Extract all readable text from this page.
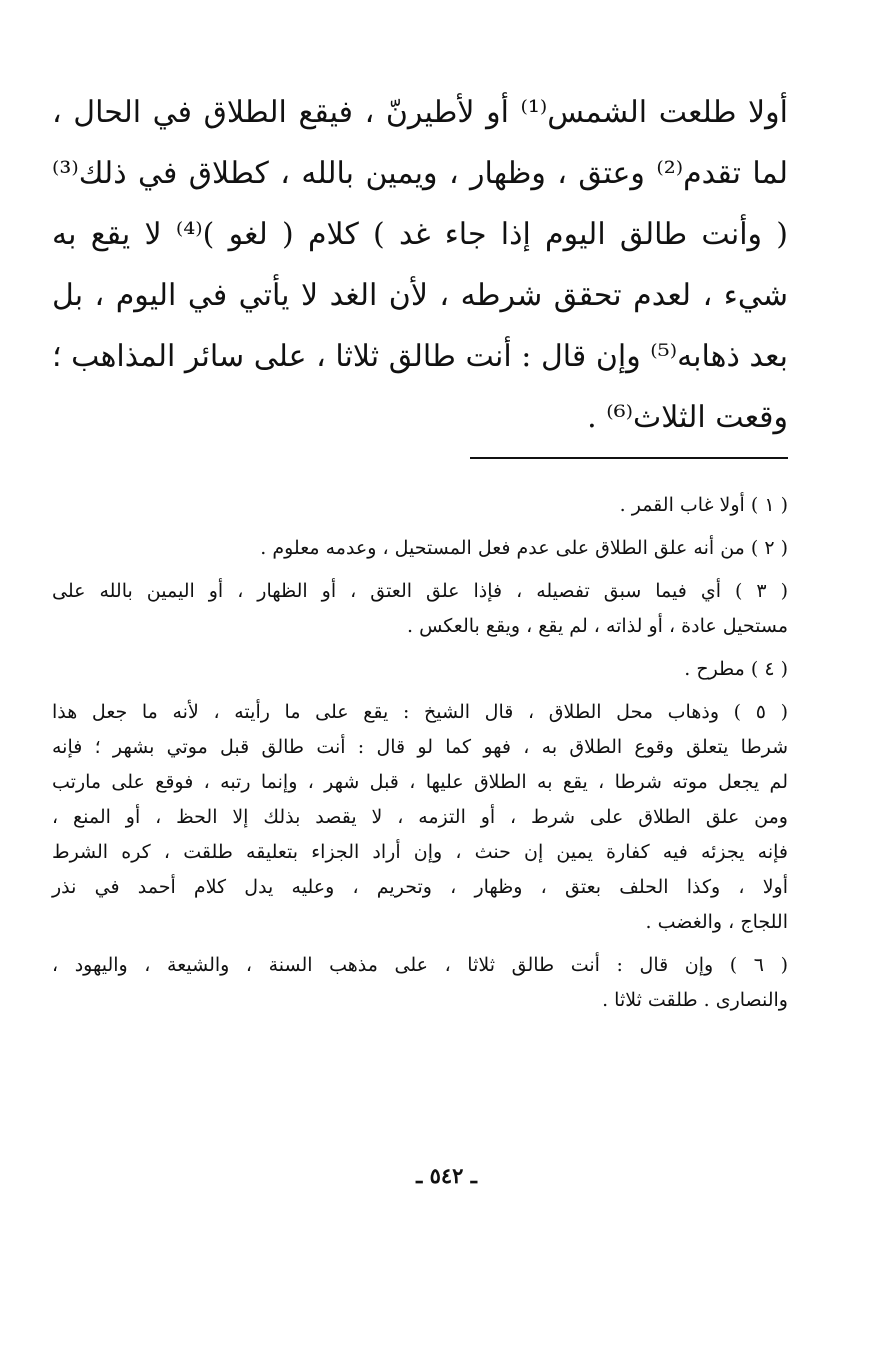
أولا طلعت الشمس⁽¹⁾ أو لأطيرنّ ، فيقع الطلاق في الحال ،
لما تقدم⁽²⁾ وعتق ، وظهار ، ويمين بالله ، كطلاق في ذلك⁽³⁾
( وأنت طالق اليوم إذا جاء غد ) كلام ( لغو )⁽⁴⁾ لا يقع به
شيء ، لعدم تحقق شرطه ، لأن الغد لا يأتي في اليوم ، بل
بعد ذهابه⁽⁵⁾ وإن قال : أنت طالق ثلاثا ، على سائر المذاهب ؛
وقعت الثلاث⁽⁶⁾ .
( ١ ) أولا غاب القمر .
( ٢ ) من أنه علق الطلاق على عدم فعل المستحيل ، وعدمه معلوم .
( ٣ ) أي فيما سبق تفصيله ، فإذا علق العتق ، أو الظهار ، أو اليمين بالله على
مستحيل عادة ، أو لذاته ، لم يقع ، ويقع بالعكس .
( ٤ ) مطرح .
( ٥ ) وذهاب محل الطلاق ، قال الشيخ : يقع على ما رأيته ، لأنه ما جعل هذا
شرطا يتعلق وقوع الطلاق به ، فهو كما لو قال : أنت طالق قبل موتي بشهر ؛ فإنه
لم يجعل موته شرطا ، يقع به الطلاق عليها ، قبل شهر ، وإنما رتبه ، فوقع على مارتب
ومن علق الطلاق على شرط ، أو التزمه ، لا يقصد بذلك إلا الحظ ، أو المنع ،
فإنه يجزئه فيه كفارة يمين إن حنث ، وإن أراد الجزاء بتعليقه طلقت ، كره الشرط
أولا ، وكذا الحلف بعتق ، وظهار ، وتحريم ، وعليه يدل كلام أحمد في نذر
اللجاج ، والغضب .
( ٦ ) وإن قال : أنت طالق ثلاثا ، على مذهب السنة ، والشيعة ، واليهود ،
والنصارى . طلقت ثلاثا .
ـ ٥٤٢ ـ
